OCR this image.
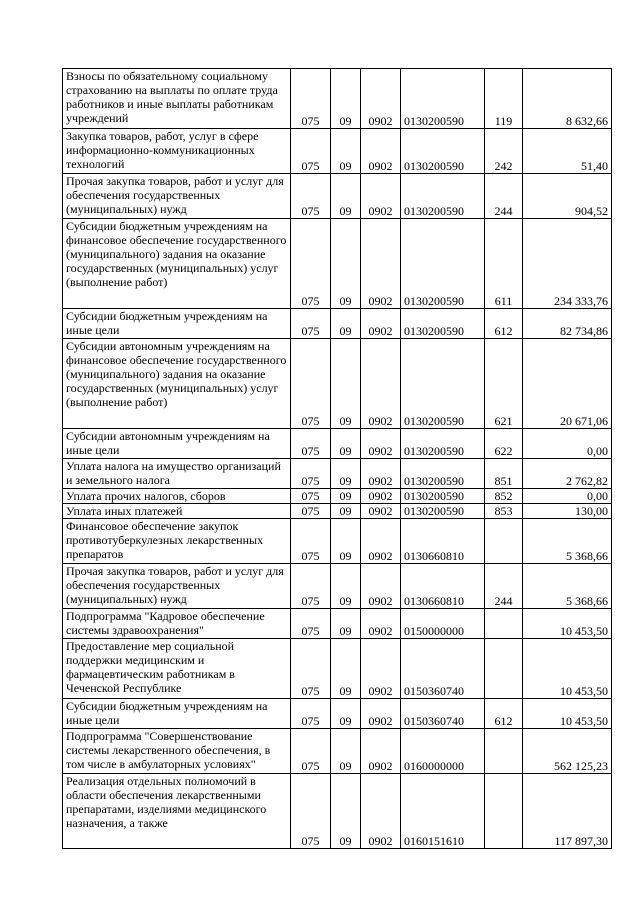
Взносы по обязательному социальному страхованию на выплаты по оплате труда работников и иные выплаты работникам учреждений	075	09	0902	0130200590	119	8 632,66
Закупка товаров, работ, услуг в сфере информационно-коммуникационных технологий	075	09	0902	0130200590	242	51,40
Прочая закупка товаров, работ и услуг для обеспечения государственных (муниципальных) нужд	075	09	0902	0130200590	244	904,52
Субсидии бюджетным учреждениям на финансовое обеспечение государственного (муниципального) задания на оказание государственных (муниципальных) услуг (выполнение работ)	075	09	0902	0130200590	611	234 333,76
Субсидии бюджетным учреждениям на иные цели	075	09	0902	0130200590	612	82 734,86
Субсидии автономным учреждениям на финансовое обеспечение государственного (муниципального) задания на оказание государственных (муниципальных) услуг (выполнение работ)	075	09	0902	0130200590	621	20 671,06
Субсидии автономным учреждениям на иные цели	075	09	0902	0130200590	622	0,00
Уплата налога на имущество организаций и земельного налога	075	09	0902	0130200590	851	2 762,82
Уплата прочих налогов, сборов	075	09	0902	0130200590	852	0,00
Уплата иных платежей	075	09	0902	0130200590	853	130,00
Финансовое обеспечение закупок противотуберкулезных лекарственных препаратов	075	09	0902	0130660810		5 368,66
Прочая закупка товаров, работ и услуг для обеспечения государственных (муниципальных) нужд	075	09	0902	0130660810	244	5 368,66
Подпрограмма "Кадровое обеспечение системы здравоохранения"	075	09	0902	0150000000		10 453,50
Предоставление мер социальной поддержки медицинским и фармацевтическим работникам в Чеченской Республике	075	09	0902	0150360740		10 453,50
Субсидии бюджетным учреждениям на иные цели	075	09	0902	0150360740	612	10 453,50
Подпрограмма "Совершенствование системы лекарственного обеспечения, в том числе в амбулаторных условиях"	075	09	0902	0160000000		562 125,23
Реализация отдельных полномочий в области обеспечения лекарственными препаратами, изделиями медицинского назначения, а также	075	09	0902	0160151610		117 897,30
